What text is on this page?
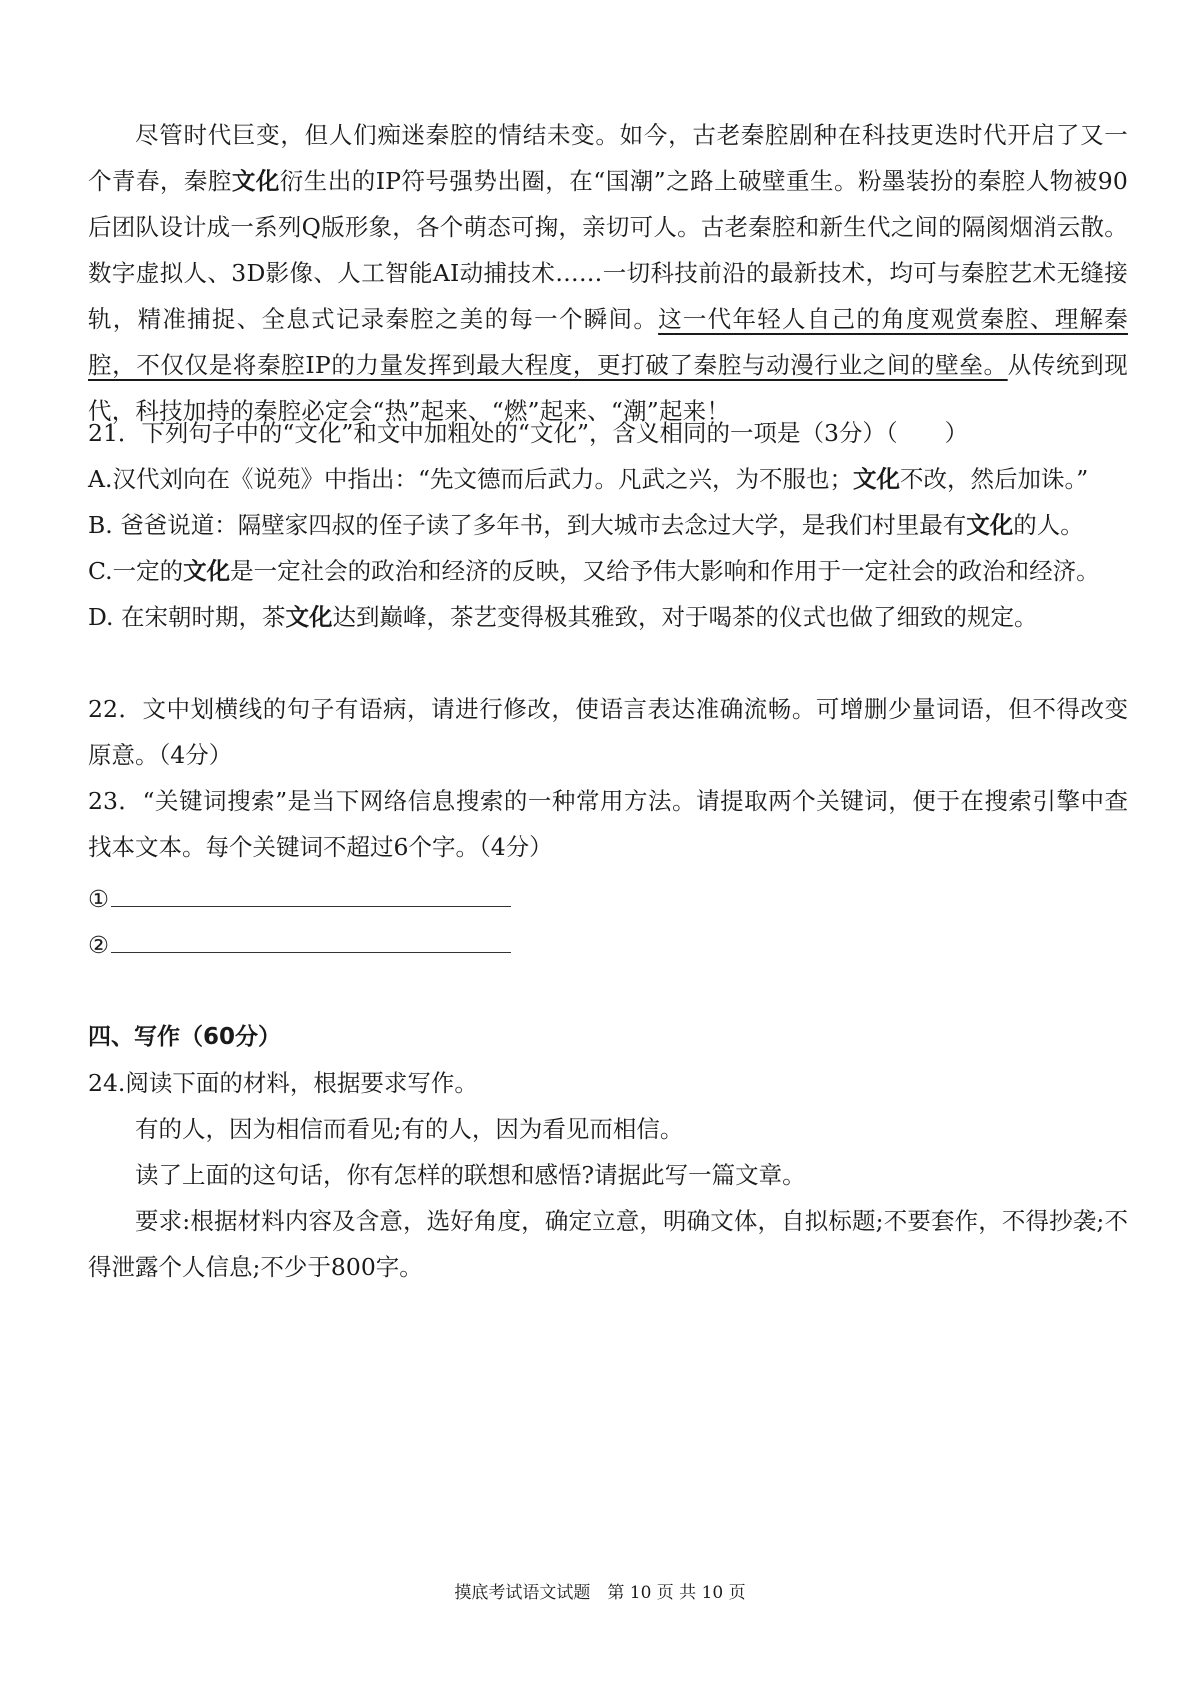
尽管时代巨变，但人们痴迷秦腔的情结未变。如今，古老秦腔剧种在科技更迭时代开启了又一个青春，秦腔文化衍生出的IP符号强势出圈，在“国潮”之路上破壁重生。粉墨装扮的秦腔人物被90后团队设计成一系列Q版形象，各个萌态可掬，亲切可人。古老秦腔和新生代之间的隔阂烟消云散。数字虚拟人、3D影像、人工智能AI动捕技术……一切科技前沿的最新技术，均可与秦腔艺术无缝接轨，精准捕捉、全息式记录秦腔之美的每一个瞬间。这一代年轻人自己的角度观赏秦腔、理解秦腔，不仅仅是将秦腔IP的力量发挥到最大程度，更打破了秦腔与动漫行业之间的壁垒。从传统到现代，科技加持的秦腔必定会“热”起来、“燃”起来、“潮”起来！

21．下列句子中的“文化”和文中加粗处的“文化”，含义相同的一项是（3分）（　　）
A.汉代刘向在《说苑》中指出：“先文德而后武力。凡武之兴，为不服也；文化不改，然后加诛。”
B. 爸爸说道：隔壁家四叔的侄子读了多年书，到大城市去念过大学，是我们村里最有文化的人。
C.一定的文化是一定社会的政治和经济的反映，又给予伟大影响和作用于一定社会的政治和经济。
D. 在宋朝时期，茶文化达到巅峰，茶艺变得极其雅致，对于喝茶的仪式也做了细致的规定。
22．文中划横线的句子有语病，请进行修改，使语言表达准确流畅。可增删少量词语，但不得改变原意。（4分）
23．“关键词搜索”是当下网络信息搜索的一种常用方法。请提取两个关键词，便于在搜索引擎中查找本文本。每个关键词不超过6个字。（4分）
①
②
四、写作（60分）
24.阅读下面的材料，根据要求写作。
有的人，因为相信而看见;有的人，因为看见而相信。
读了上面的这句话，你有怎样的联想和感悟?请据此写一篇文章。
要求:根据材料内容及含意，选好角度，确定立意，明确文体，自拟标题;不要套作，不得抄袭;不得泄露个人信息;不少于800字。
摸底考试语文试题　第 10 页 共 10 页
